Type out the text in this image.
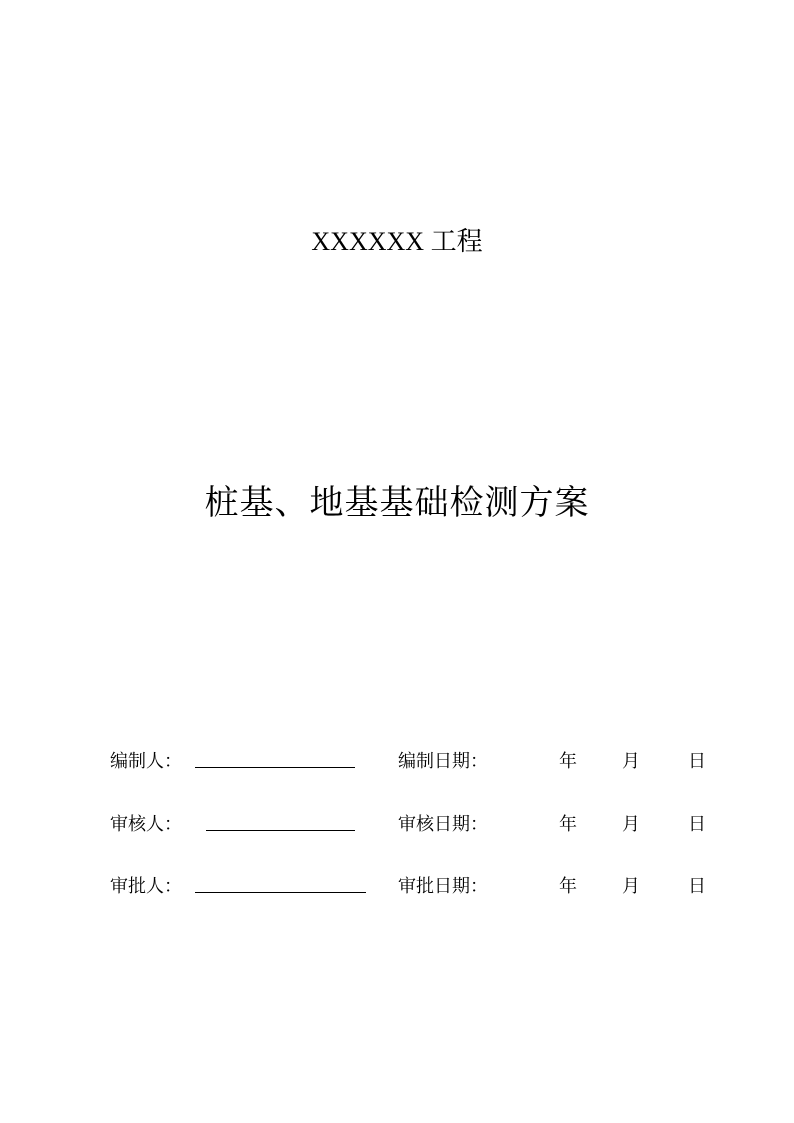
XXXXXX 工程
桩基、地基基础检测方案
编制人：	编制日期：	年	月	日
审核人：	审核日期：	年	月	日
审批人：	审批日期：	年	月	日
